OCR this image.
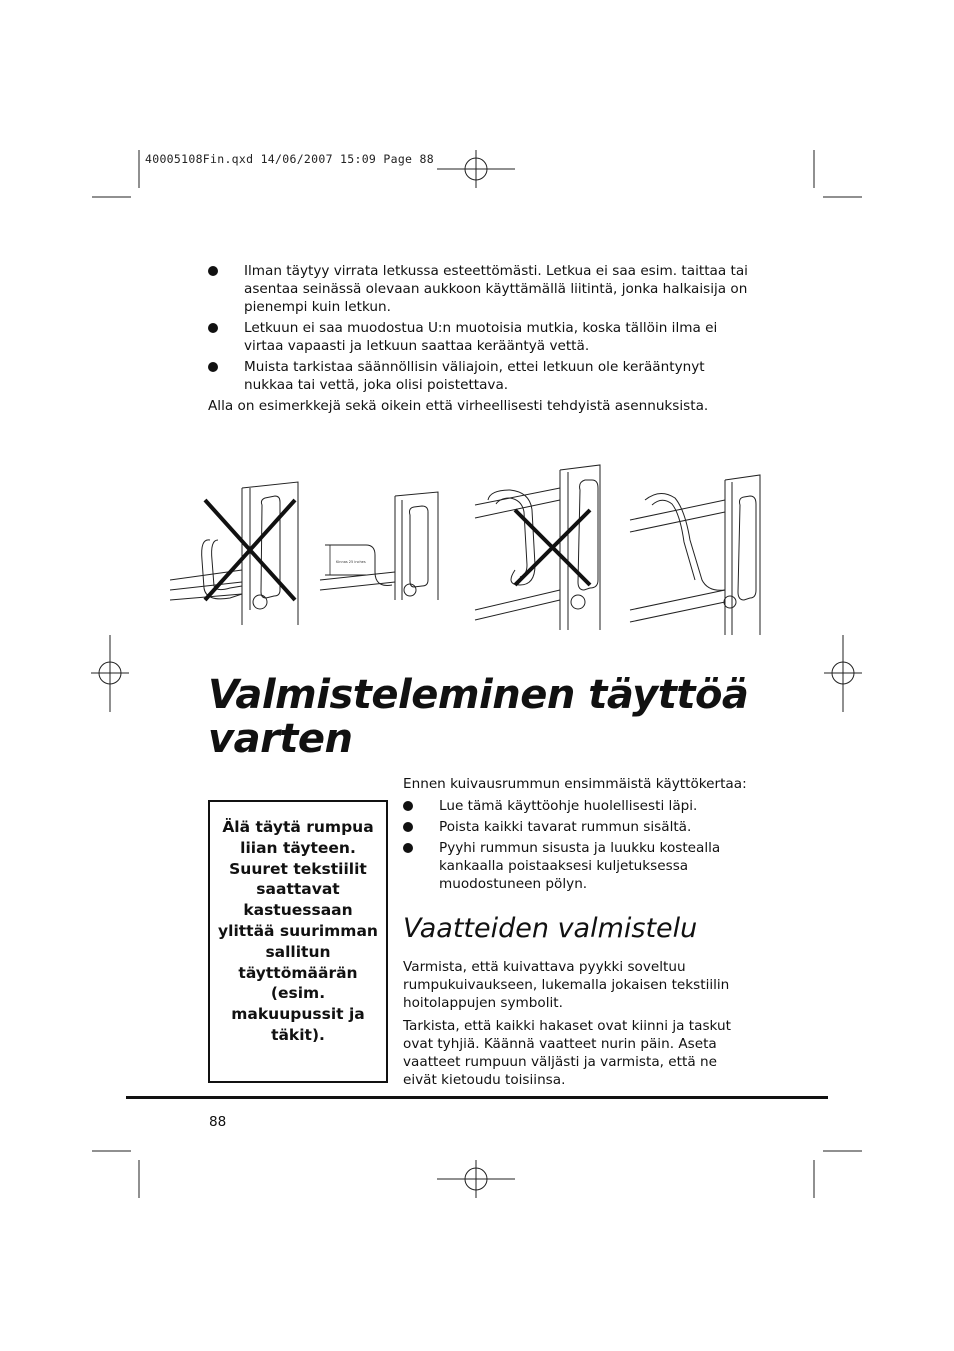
40005108Fin.qxd 14/06/2007 15:09 Page 88
Ilman täytyy virrata letkussa esteettömästi. Letkua ei saa esim. taittaa tai asentaa seinässä olevaan aukkoon käyttämällä liitintä, jonka halkaisija on pienempi kuin letkun.
Letkuun ei saa muodostua U:n muotoisia mutkia, koska tällöin ilma ei virtaa vapaasti ja letkuun saattaa kerääntyä vettä.
Muista tarkistaa säännöllisin väliajoin, ettei letkuun ole kerääntynyt nukkaa tai vettä, joka olisi poistettava.
Alla on esimerkkejä sekä oikein että virheellisesti tehdyistä asennuksista.
Kinnas 25 inches
Valmisteleminen täyttöä
varten
Älä täytä rumpua liian täyteen. Suuret tekstiilit saattavat kastuessaan ylittää suurimman sallitun täyttömäärän (esim. makuupussit ja täkit).
Ennen kuivausrummun ensimmäistä käyttökertaa:
Lue tämä käyttöohje huolellisesti läpi.
Poista kaikki tavarat rummun sisältä.
Pyyhi rummun sisusta ja luukku kostealla kankaalla poistaaksesi kuljetuksessa muodostuneen pölyn.
Vaatteiden valmistelu
Varmista, että kuivattava pyykki soveltuu rumpukuivaukseen, lukemalla jokaisen tekstiilin hoitolappujen symbolit.
Tarkista, että kaikki hakaset ovat kiinni ja taskut ovat tyhjiä. Käännä vaatteet nurin päin. Aseta vaatteet rumpuun väljästi ja varmista, että ne eivät kietoudu toisiinsa.
88
